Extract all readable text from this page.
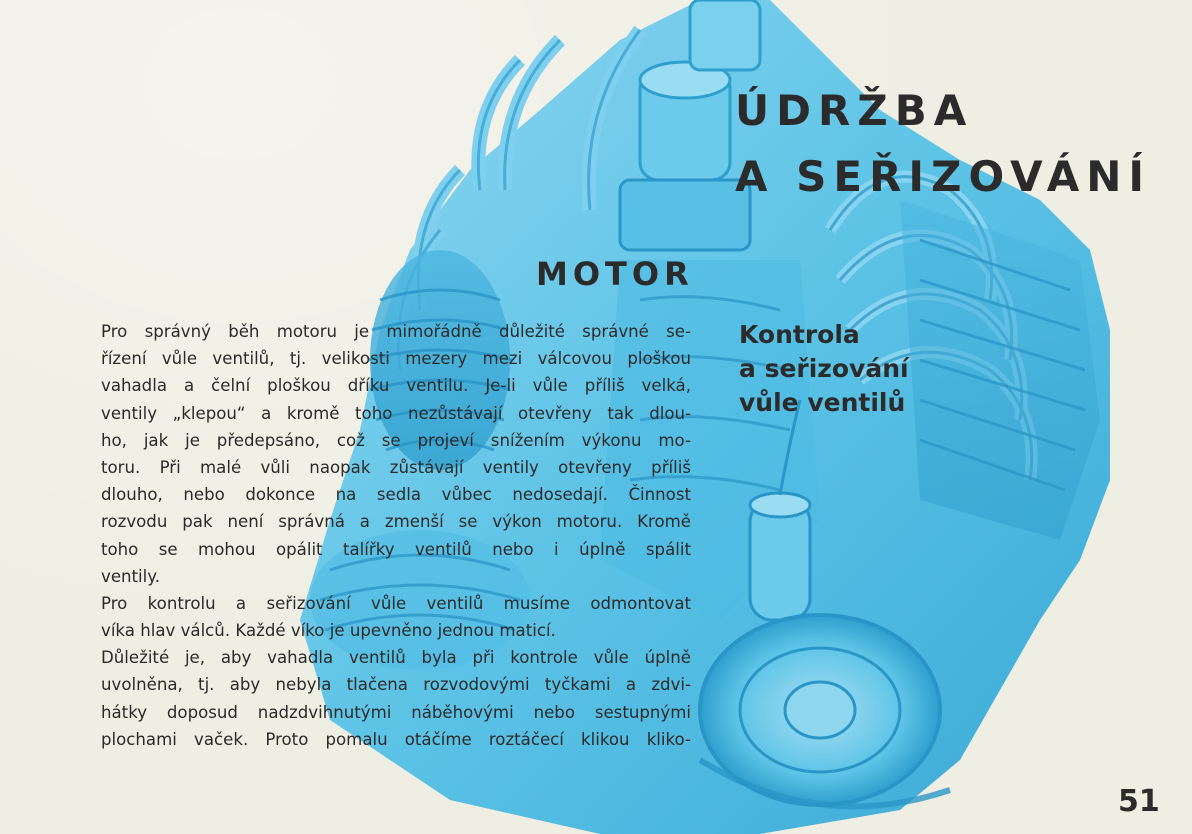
ÚDRŽBA
A SEŘIZOVÁNÍ
MOTOR
Kontrola
a seřizování
vůle ventilů
Pro správný běh motoru je mimořádně důležité správné se-
řízení vůle ventilů, tj. velikosti mezery mezi válcovou ploškou
vahadla a čelní ploškou dříku ventilu. Je-li vůle příliš velká,
ventily „klepou“ a kromě toho nezůstávají otevřeny tak dlou-
ho, jak je předepsáno, což se projeví snížením výkonu mo-
toru. Při malé vůli naopak zůstávají ventily otevřeny příliš
dlouho, nebo dokonce na sedla vůbec nedosedají. Činnost
rozvodu pak není správná a zmenší se výkon motoru. Kromě
toho se mohou opálit talířky ventilů nebo i úplně spálit
ventily.
Pro kontrolu a seřizování vůle ventilů musíme odmontovat
víka hlav válců. Každé víko je upevněno jednou maticí.
Důležité je, aby vahadla ventilů byla při kontrole vůle úplně
uvolněna, tj. aby nebyla tlačena rozvodovými tyčkami a zdvi-
hátky doposud nadzdvihnutými náběhovými nebo sestupnými
plochami vaček. Proto pomalu otáčíme roztáčecí klikou kliko-
51
